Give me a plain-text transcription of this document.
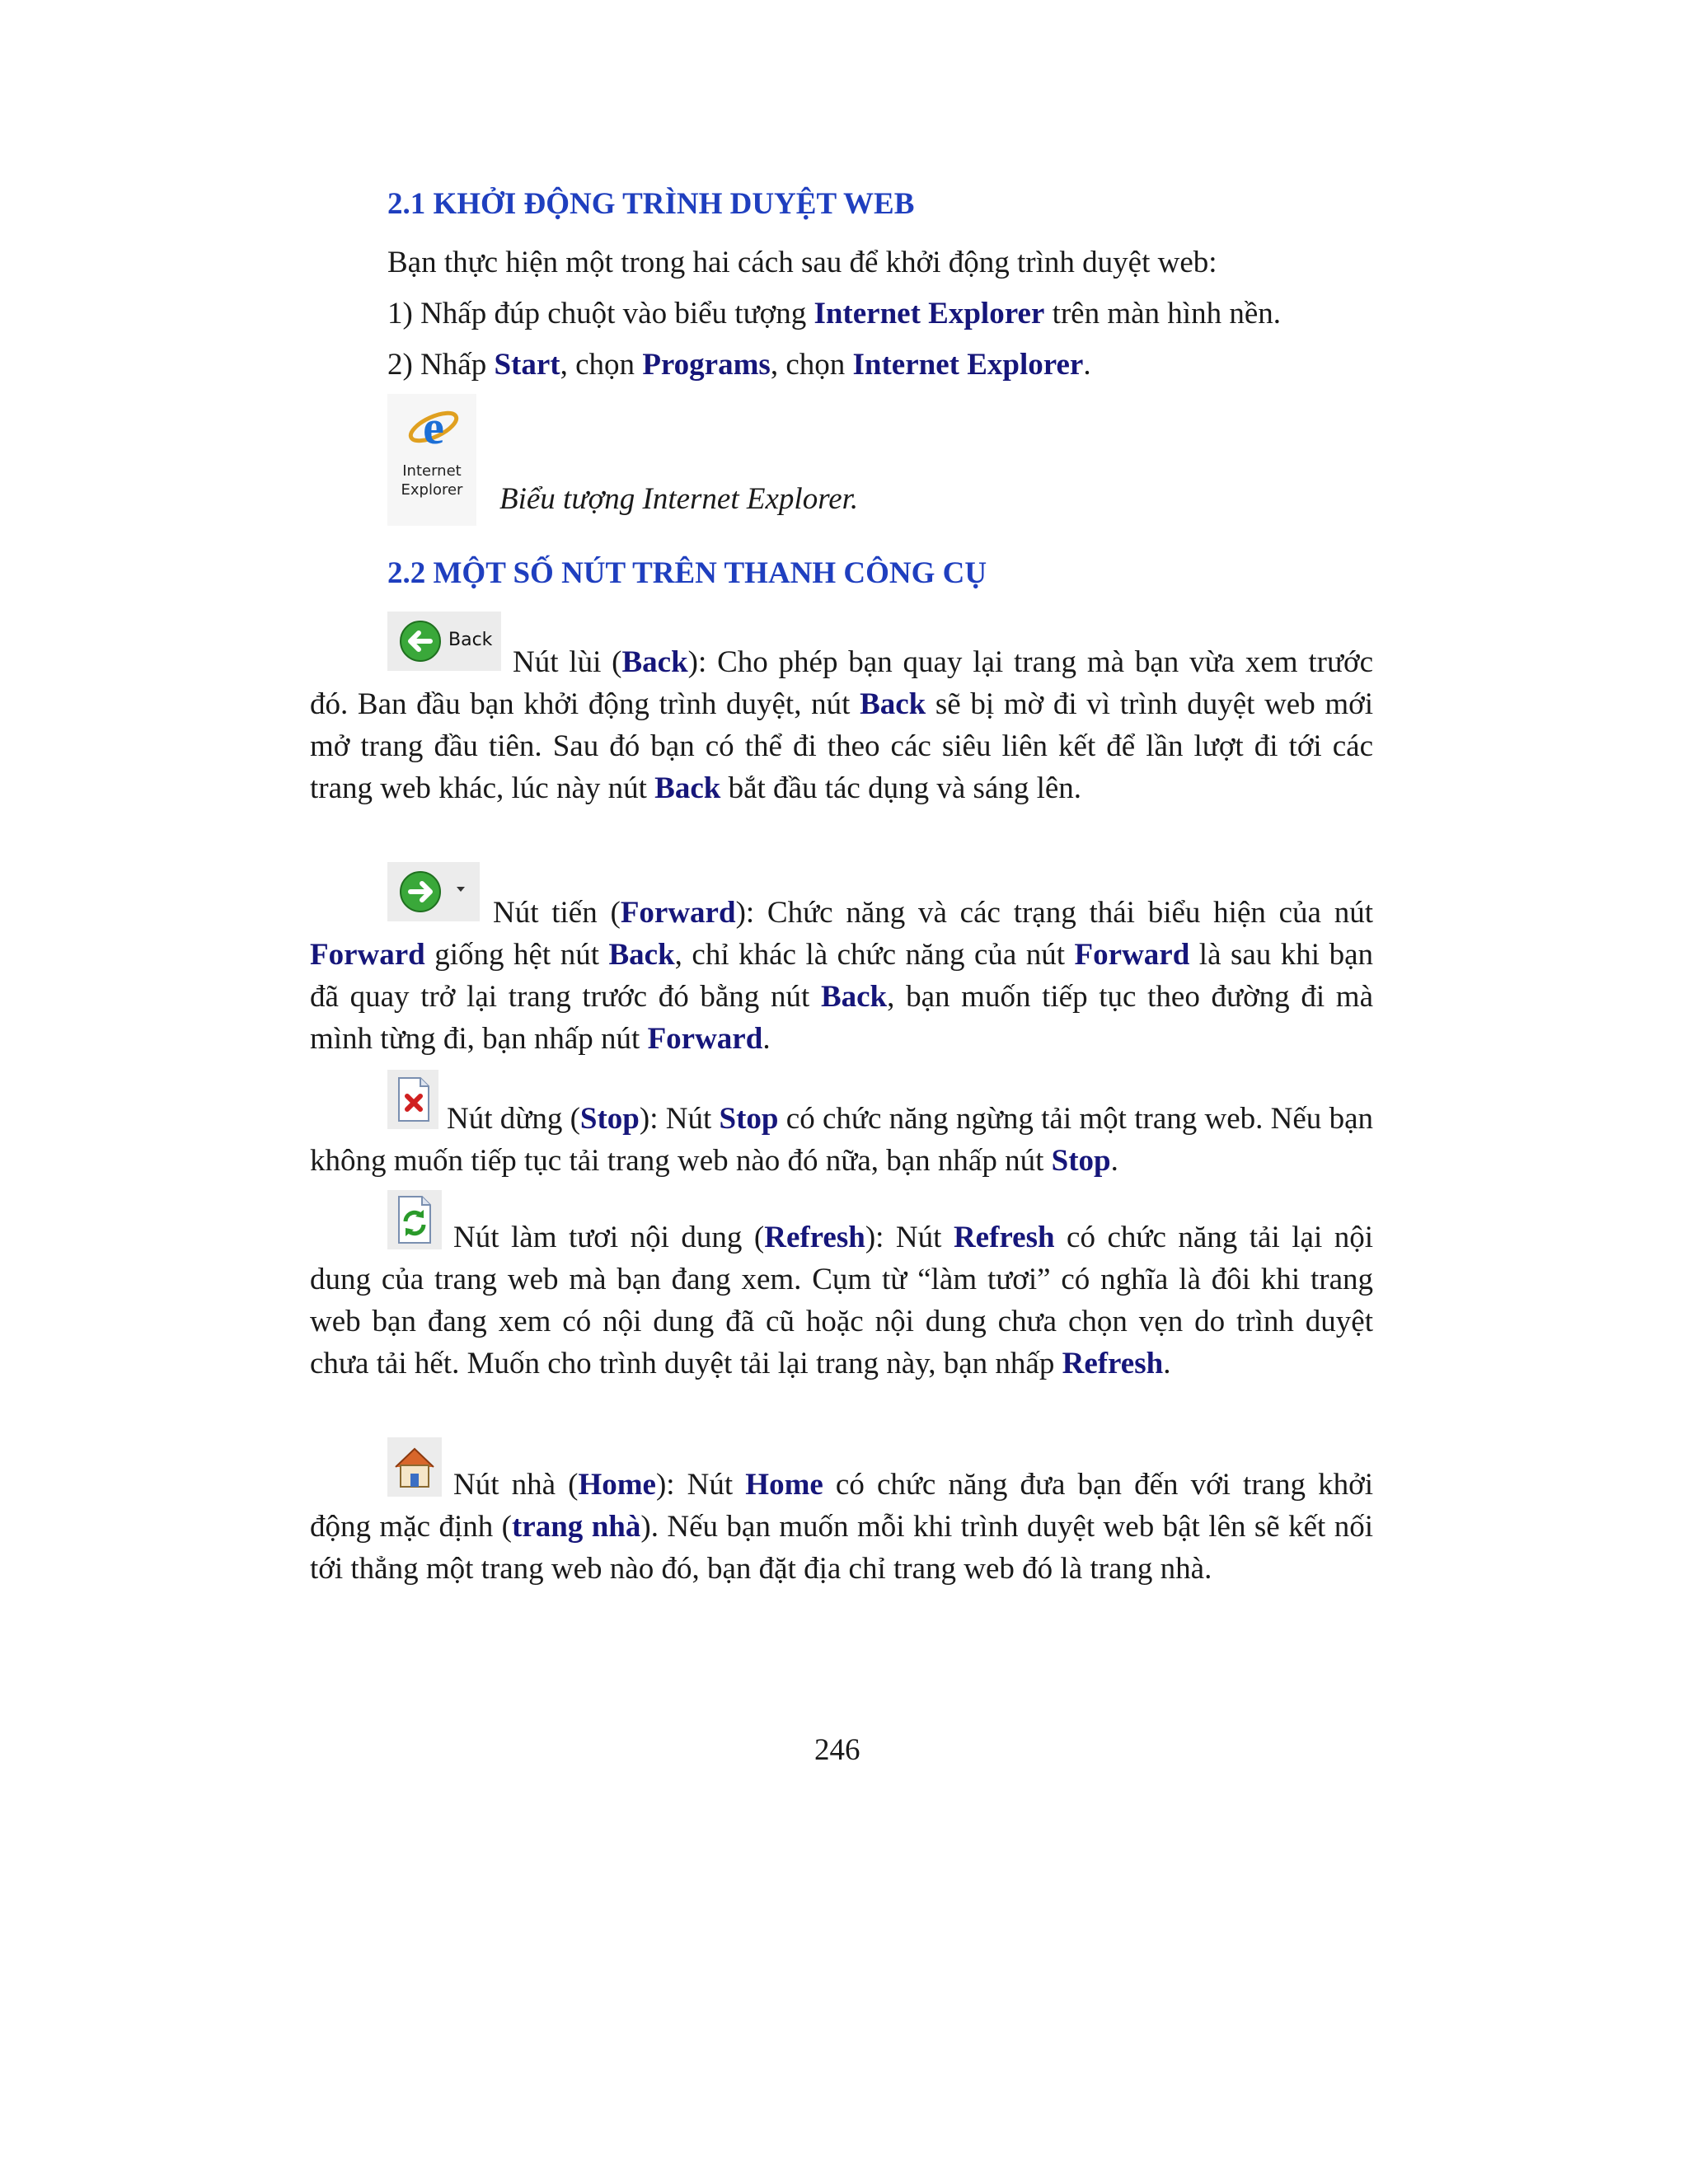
2.1 KHỞI ĐỘNG TRÌNH DUYỆT WEB
Bạn thực hiện một trong hai cách sau để khởi động trình duyệt web:
1) Nhấp đúp chuột vào biểu tượng Internet Explorer trên màn hình nền.
2) Nhấp Start, chọn Programs, chọn Internet Explorer.
e
Internet
Explorer	Biểu tượng Internet Explorer.
2.2 MỘT SỐ NÚT TRÊN THANH CÔNG CỤ
Back

Nút lùi (Back): Cho phép bạn quay lại trang mà bạn vừa xem trước đó. Ban đầu bạn khởi động trình duyệt, nút Back sẽ bị mờ đi vì trình duyệt web mới mở trang đầu tiên. Sau đó bạn có thể đi theo các siêu liên kết để lần lượt đi tới các trang web khác, lúc này nút Back bắt đầu tác dụng và sáng lên.

Nút tiến (Forward): Chức năng và các trạng thái biểu hiện của nút Forward giống hệt nút Back, chỉ khác là chức năng của nút Forward là sau khi bạn đã quay trở lại trang trước đó bằng nút Back, bạn muốn tiếp tục theo đường đi mà mình từng đi, bạn nhấp nút Forward.

Nút dừng (Stop): Nút Stop có chức năng ngừng tải một trang web. Nếu bạn không muốn tiếp tục tải trang web nào đó nữa, bạn nhấp nút Stop.

Nút làm tươi nội dung (Refresh): Nút Refresh có chức năng tải lại nội dung của trang web mà bạn đang xem. Cụm từ “làm tươi” có nghĩa là đôi khi trang web bạn đang xem có nội dung đã cũ hoặc nội dung chưa chọn vẹn do trình duyệt chưa tải hết. Muốn cho trình duyệt tải lại trang này, bạn nhấp Refresh.

Nút nhà (Home): Nút Home có chức năng đưa bạn đến với trang khởi động mặc định (trang nhà). Nếu bạn muốn mỗi khi trình duyệt web bật lên sẽ kết nối tới thẳng một trang web nào đó, bạn đặt địa chỉ trang web đó là trang nhà.

246
